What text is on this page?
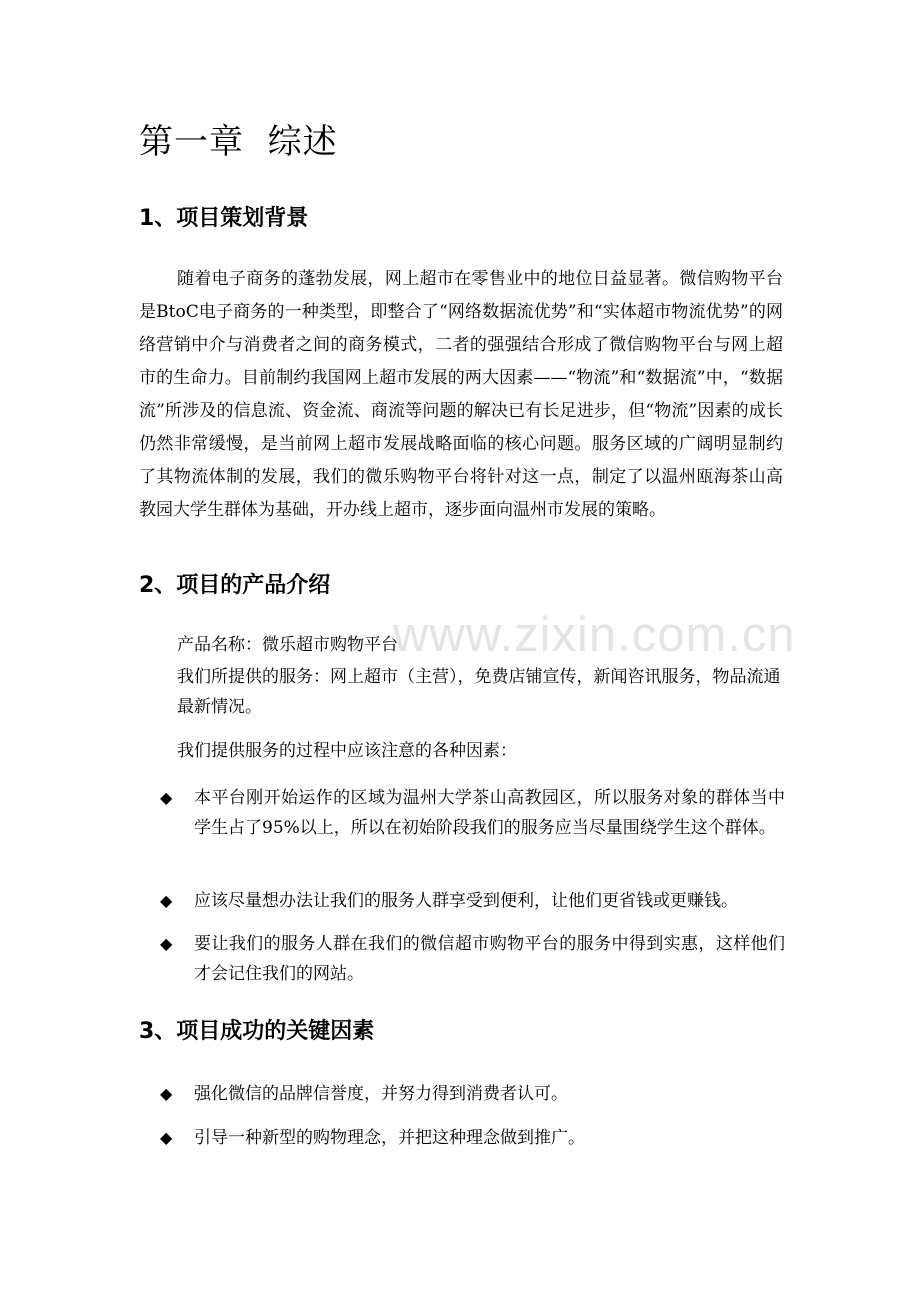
www.zixin.com.cn
第一章  综述
1、项目策划背景

随着电子商务的蓬勃发展，网上超市在零售业中的地位日益显著。微信购物平台是BtoC电子商务的一种类型，即整合了“网络数据流优势”和“实体超市物流优势”的网络营销中介与消费者之间的商务模式，二者的强强结合形成了微信购物平台与网上超市的生命力。目前制约我国网上超市发展的两大因素——“物流”和“数据流”中，“数据流”所涉及的信息流、资金流、商流等问题的解决已有长足进步，但“物流”因素的成长仍然非常缓慢，是当前网上超市发展战略面临的核心问题。服务区域的广阔明显制约了其物流体制的发展，我们的微乐购物平台将针对这一点，制定了以温州瓯海茶山高教园大学生群体为基础，开办线上超市，逐步面向温州市发展的策略。

2、项目的产品介绍

产品名称：微乐超市购物平台

我们所提供的服务：网上超市（主营），免费店铺宣传，新闻咨讯服务，物品流通最新情况。

我们提供服务的过程中应该注意的各种因素：

◆ 本平台刚开始运作的区域为温州大学茶山高教园区，所以服务对象的群体当中学生占了95%以上，所以在初始阶段我们的服务应当尽量围绕学生这个群体。

◆ 应该尽量想办法让我们的服务人群享受到便利，让他们更省钱或更赚钱。

◆ 要让我们的服务人群在我们的微信超市购物平台的服务中得到实惠，这样他们才会记住我们的网站。

3、项目成功的关键因素
◆ 强化微信的品牌信誉度，并努力得到消费者认可。

◆ 引导一种新型的购物理念，并把这种理念做到推广。
